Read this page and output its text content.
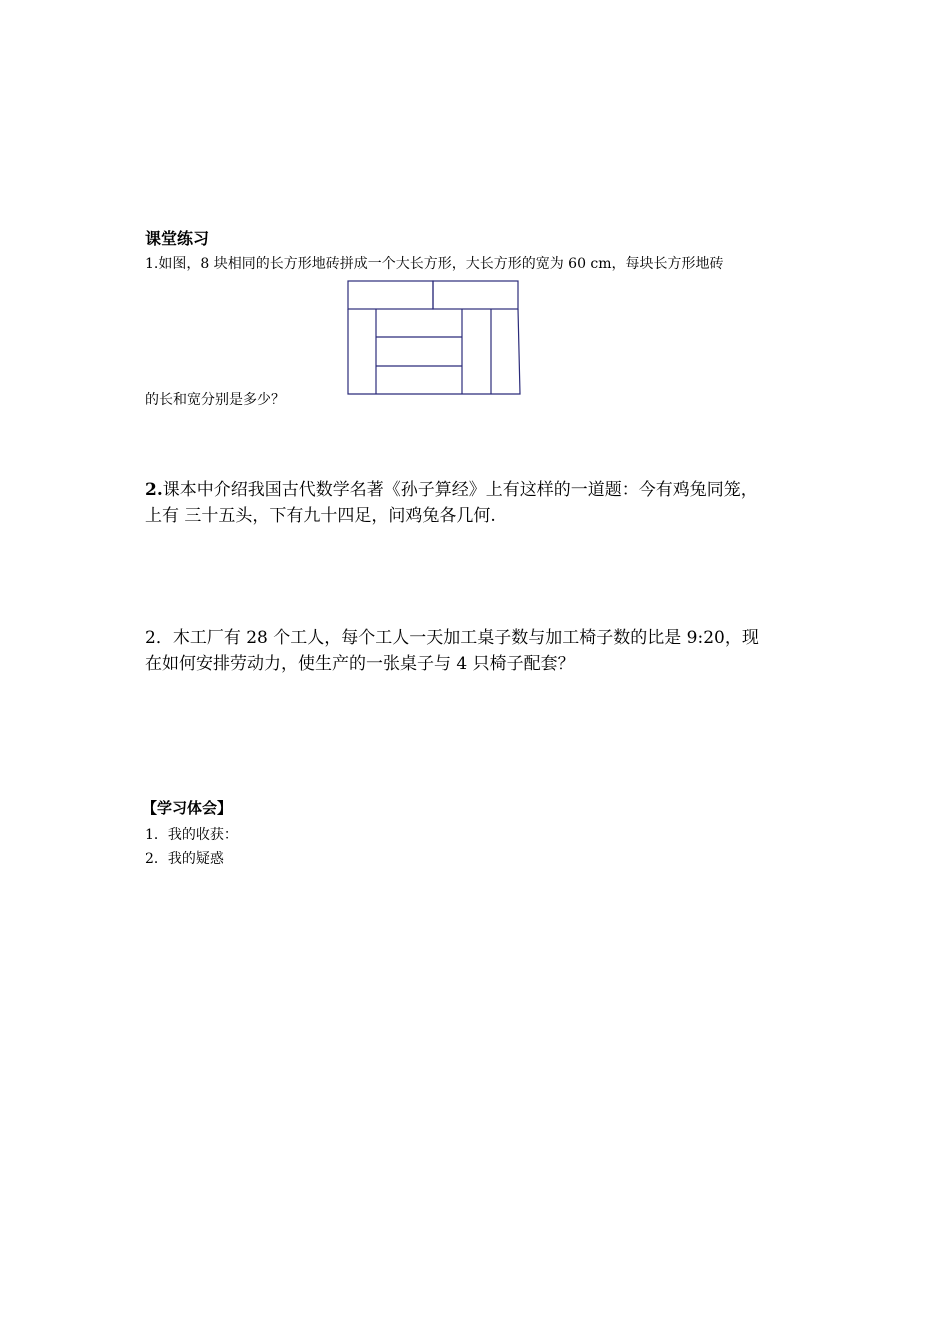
课堂练习
1.如图，8 块相同的长方形地砖拼成一个大长方形，大长方形的宽为 60 cm，每块长方形地砖
的长和宽分别是多少？
2.课本中介绍我国古代数学名著《孙子算经》上有这样的一道题：今有鸡兔同笼，
上有 三十五头，下有九十四足，问鸡兔各几何.
2．木工厂有 28 个工人，每个工人一天加工桌子数与加工椅子数的比是 9:20，现
在如何安排劳动力，使生产的一张桌子与 4 只椅子配套？
【学习体会】
1．我的收获：
2．我的疑惑
